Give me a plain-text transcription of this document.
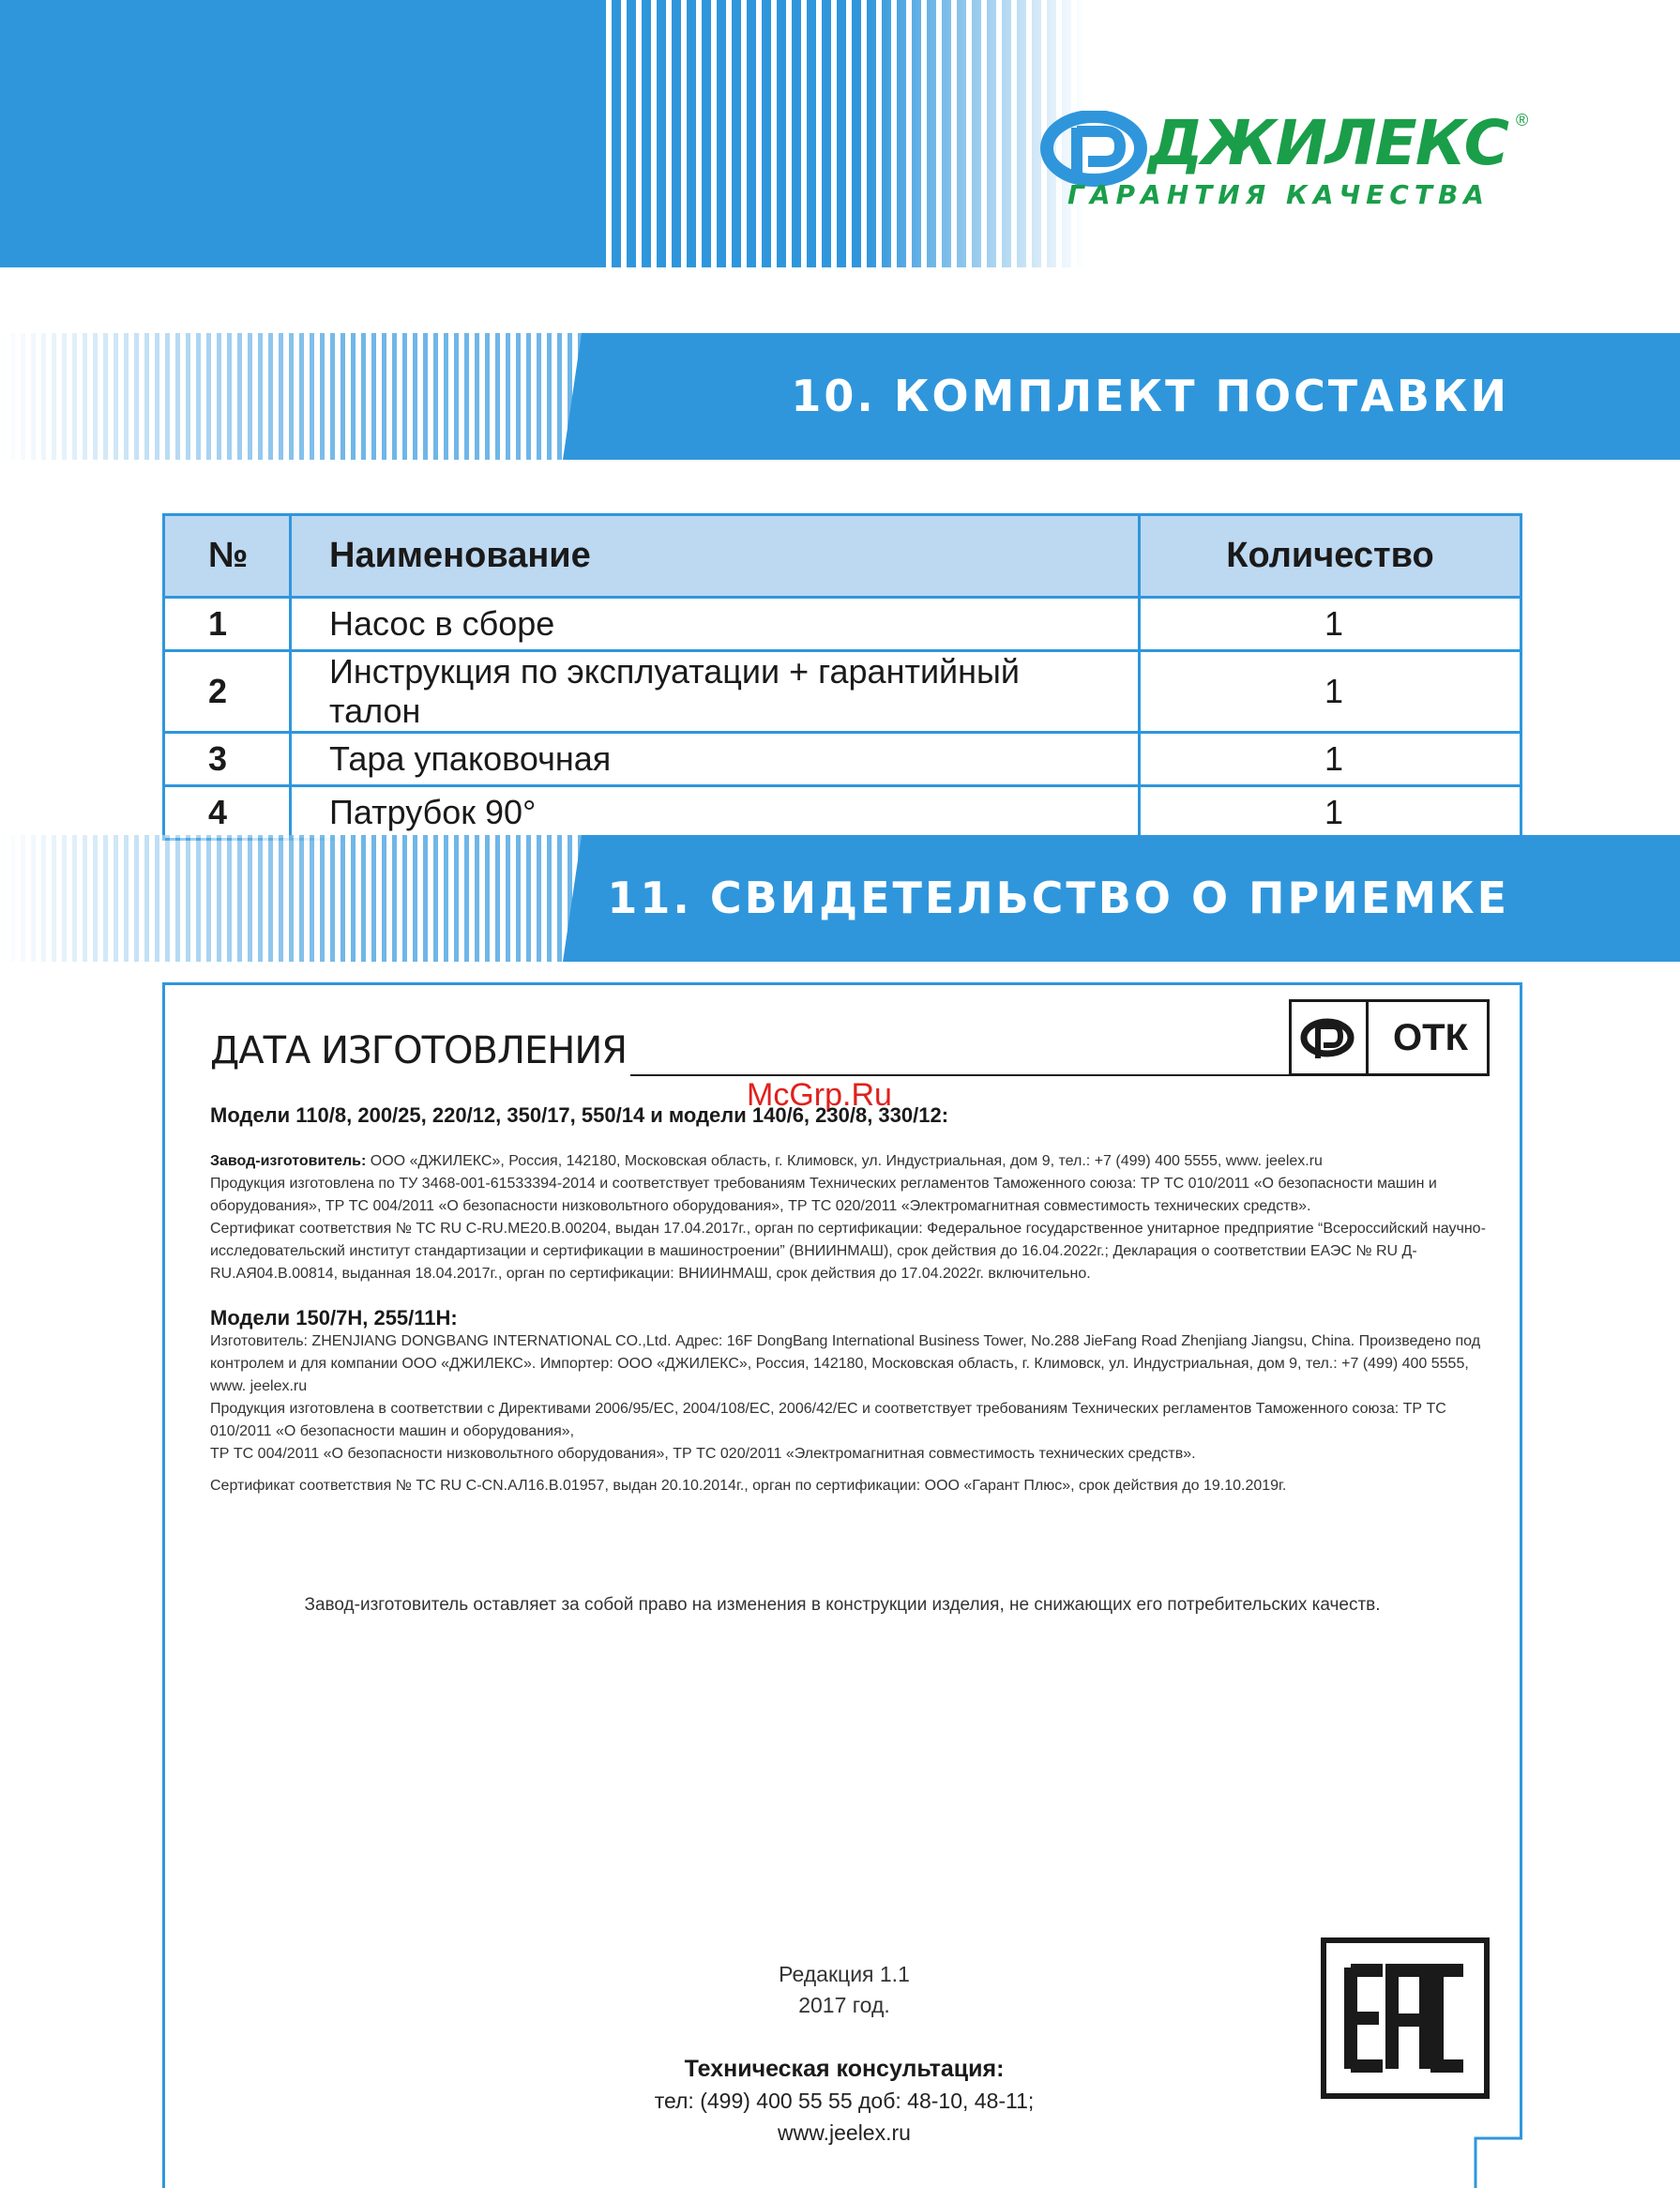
ДЖИЛЕКС ®
ГАРАНТИЯ КАЧЕСТВА
10. КОМПЛЕКТ ПОСТАВКИ
№	Наименование	Количество
1	Насос в сборе	1
2	Инструкция по эксплуатации + гарантийный талон	1
3	Тара упаковочная	1
4	Патрубок 90°	1
11. СВИДЕТЕЛЬСТВО О ПРИЕМКЕ
ДАТА ИЗГОТОВЛЕНИЯ	ОТК
McGrp.Ru
Модели 110/8, 200/25, 220/12, 350/17, 550/14 и модели 140/6, 230/8, 330/12:
Завод-изготовитель: ООО «ДЖИЛЕКС», Россия, 142180, Московская область, г. Климовск, ул. Индустриальная, дом 9, тел.: +7 (499) 400 5555, www. jeelex.ru
Продукция изготовлена по ТУ 3468-001-61533394-2014 и соответствует требованиям Технических регламентов Таможенного союза: ТР ТС 010/2011 «О безопасности машин и оборудования», ТР ТС 004/2011 «О безопасности низковольтного оборудования», ТР ТС 020/2011 «Электромагнитная совместимость технических средств».
Сертификат соответствия № ТС RU C-RU.МЕ20.В.00204, выдан 17.04.2017г., орган по сертификации: Федеральное государственное унитарное предприятие “Всероссийский научно-исследовательский институт стандартизации и сертификации в машиностроении” (ВНИИНМАШ), срок действия до 16.04.2022г.; Декларация о соответствии ЕАЭС № RU Д-RU.АЯ04.В.00814, выданная 18.04.2017г., орган по сертификации: ВНИИНМАШ, срок действия до 17.04.2022г. включительно.
Модели 150/7Н, 255/11Н:
Изготовитель: ZHENJIANG DONGBANG INTERNATIONAL CO.,Ltd. Адрес: 16F DongBang International Business Tower, No.288 JieFang Road Zhenjiang Jiangsu, China. Произведено под контролем и для компании ООО «ДЖИЛЕКС». Импортер: ООО «ДЖИЛЕКС», Россия, 142180, Московская область, г. Климовск, ул. Индустриальная, дом 9, тел.: +7 (499) 400 5555, www. jeelex.ru
Продукция изготовлена в соответствии с Директивами 2006/95/EC, 2004/108/EC, 2006/42/EC и соответствует требованиям Технических регламентов Таможенного союза: ТР ТС 010/2011 «О безопасности машин и оборудования»,
ТР ТС 004/2011 «О безопасности низковольтного оборудования», ТР ТС 020/2011 «Электромагнитная совместимость технических средств».
Сертификат соответствия № ТС RU C-CN.АЛ16.В.01957, выдан 20.10.2014г., орган по сертификации: ООО «Гарант Плюс», срок действия до 19.10.2019г.
Завод-изготовитель оставляет за собой право на изменения в конструкции изделия, не снижающих его потребительских качеств.
Редакция 1.1
2017 год.
Техническая консультация:
тел: (499) 400 55 55 доб: 48-10, 48-11;
www.jeelex.ru
